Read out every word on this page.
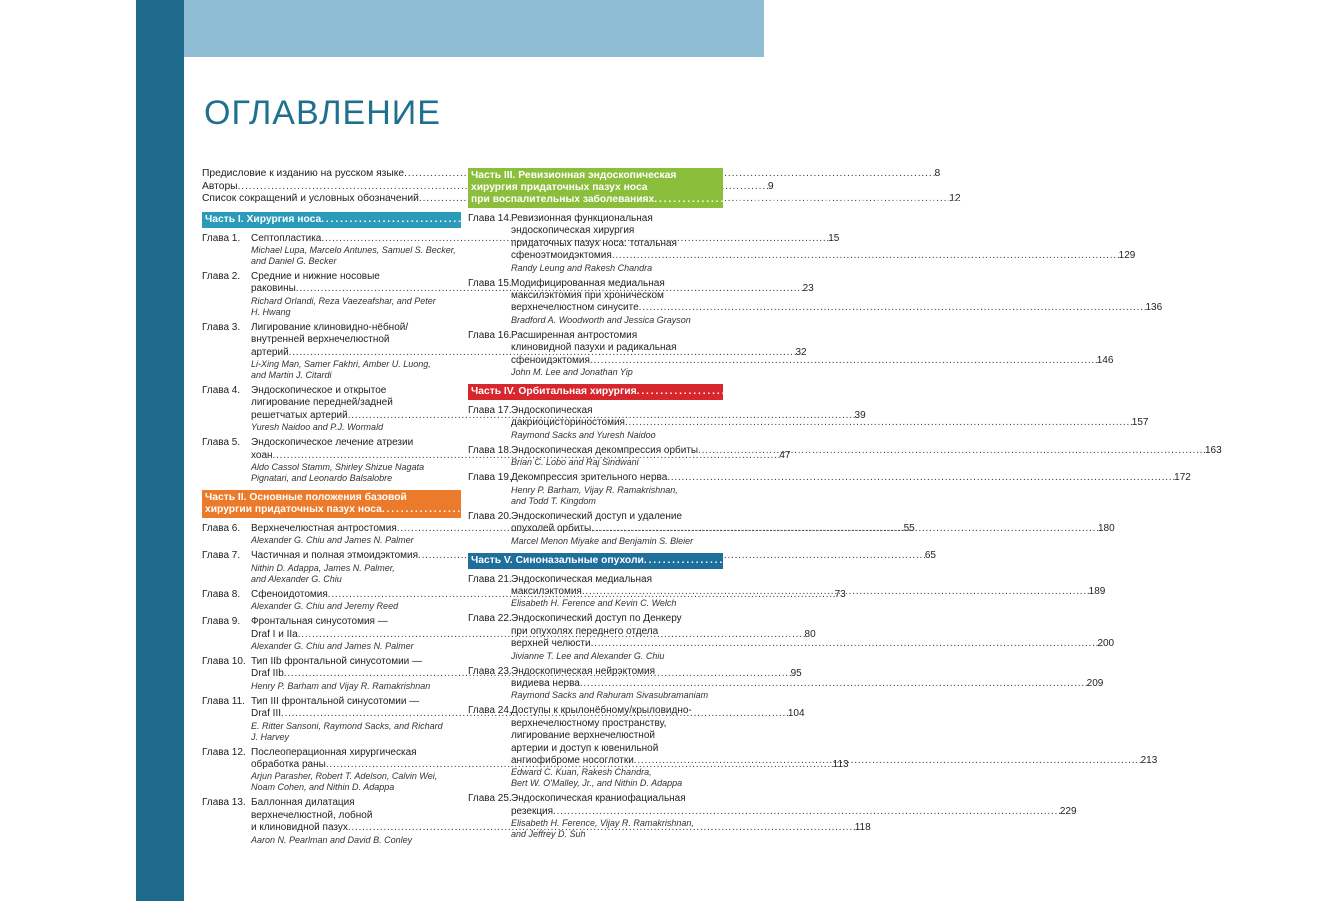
ОГЛАВЛЕНИЕ
Предисловие к изданию на русском языке . . .	8
Авторы . . .	9
Список сокращений и условных обозначений . . .	12
Часть I. Хирургия носа . . .	13
Глава 1.	Септопластика . . .	15
Michael Lupa, Marcelo Antunes, Samuel S. Becker,
and Daniel G. Becker
Глава 2.	Средние и нижние носовые
раковины . . .	23
Richard Orlandi, Reza Vaezeafshar, and Peter
H. Hwang
Глава 3.	Лигирование клиновидно-нёбной/
внутренней верхнечелюстной
артерий . . .	32
Li-Xing Man, Samer Fakhri, Amber U. Luong,
and Martin J. Citardi
Глава 4.	Эндоскопическое и открытое
лигирование передней/задней
решетчатых артерий . . .	39
Yuresh Naidoo and P.J. Wormald
Глава 5.	Эндоскопическое лечение атрезии
хоан . . .	47
Aldo Cassol Stamm, Shirley Shizue Nagata
Pignatari, and Leonardo Balsalobre
Часть II. Основные положения базовой
хирургии придаточных пазух носа . . .	53
Глава 6.	Верхнечелюстная антростомия . . .	55
Alexander G. Chiu and James N. Palmer
Глава 7.	Частичная и полная этмоидэктомия . . .	65
Nithin D. Adappa, James N. Palmer,
and Alexander G. Chiu
Глава 8.	Сфеноидотомия . . .	73
Alexander G. Chiu and Jeremy Reed
Глава 9.	Фронтальная синусотомия —
Draf I и IIa . . .	80
Alexander G. Chiu and James N. Palmer
Глава 10. Тип IIb фронтальной синусотомии —
Draf IIb . . .	95
Henry P. Barham and Vijay R. Ramakrishnan
Глава 11. Тип III фронтальной синусотомии —
Draf III . . .	104
E. Ritter Sansoni, Raymond Sacks, and Richard
J. Harvey
Глава 12. Послеоперационная хирургическая
обработка раны . . .	113
Arjun Parasher, Robert T. Adelson, Calvin Wei,
Noam Cohen, and Nithin D. Adappa
Глава 13. Баллонная дилатация
верхнечелюстной, лобной
и клиновидной пазух . . .	118
Aaron N. Pearlman and David B. Conley
Часть III. Ревизионная эндоскопическая
хирургия придаточных пазух носа
при воспалительных заболеваниях . . .	127
Глава 14. Ревизионная функциональная
эндоскопическая хирургия
придаточных пазух носа: тотальная
сфеноэтмоидэктомия . . .	129
Randy Leung and Rakesh Chandra
Глава 15. Модифицированная медиальная
максилэктомия при хроническом
верхнечелюстном синусите . . .	136
Bradford A. Woodworth and Jessica Grayson
Глава 16. Расширенная антростомия
клиновидной пазухи и радикальная
сфеноидэктомия . . .	146
John M. Lee and Jonathan Yip
Часть IV. Орбитальная хирургия . . .	155
Глава 17. Эндоскопическая
дакриоцисториностомия . . .	157
Raymond Sacks and Yuresh Naidoo
Глава 18. Эндоскопическая декомпрессия орбиты . . .	163
Brian C. Lobo and Raj Sindwani
Глава 19. Декомпрессия зрительного нерва . . .	172
Henry P. Barham, Vijay R. Ramakrishnan,
and Todd T. Kingdom
Глава 20. Эндоскопический доступ и удаление
опухолей орбиты . . .	180
Marcel Menon Miyake and Benjamin S. Bleier
Часть V. Синоназальные опухоли . . .	187
Глава 21. Эндоскопическая медиальная
максилэктомия . . .	189
Elisabeth H. Ference and Kevin C. Welch
Глава 22. Эндоскопический доступ по Денкеру
при опухолях переднего отдела
верхней челюсти . . .	200
Jivianne T. Lee and Alexander G. Chiu
Глава 23. Эндоскопическая нейрэктомия
видиева нерва . . .	209
Raymond Sacks and Rahuram Sivasubramaniam
Глава 24. Доступы к крылонёбному/крыловидно-
верхнечелюстному пространству,
лигирование верхнечелюстной
артерии и доступ к ювенильной
ангиофиброме носоглотки . . .	213
Edward C. Kuan, Rakesh Chandra,
Bert W. O'Malley, Jr., and Nithin D. Adappa
Глава 25. Эндоскопическая краниофациальная
резекция . . .	229
Elisabeth H. Ference, Vijay R. Ramakrishnan,
and Jeffrey D. Suh
